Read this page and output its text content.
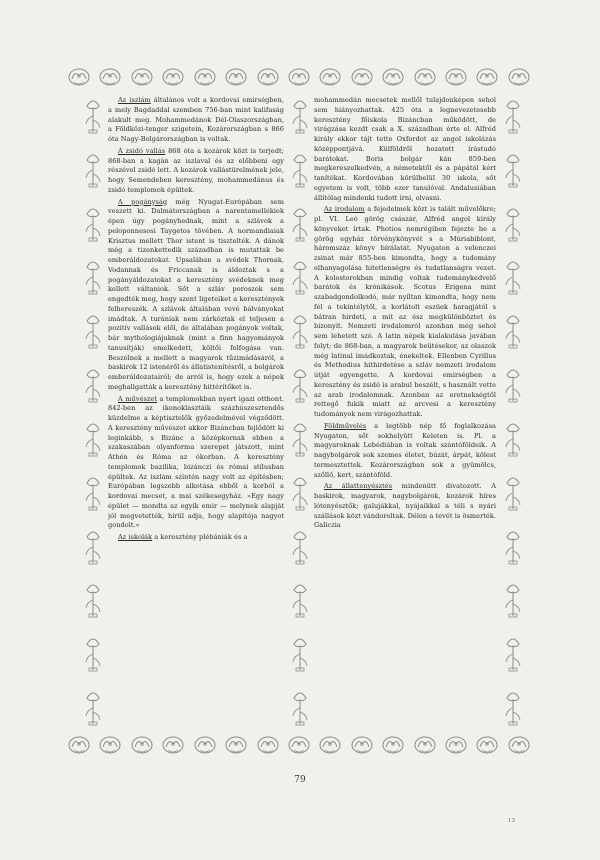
Az iszlám általános volt a kordovai emirségben, a mely Bagdaddal szemben 756-ban mint kalifaság alakult meg. Mohammedánok Dél-Olaszországban, a Földközi-tenger szigetein, Kozárországban s 866 óta Nagy-Bolgárországban is voltak.

A zsidó vallás 868 óta a kozárok közt is terjedt; 868-ban a kagán az iszlaval és az előbbeni egy részével zsidó lett. A kozárok vallástürelmének jele, hogy Semendeben keresztény, mohammedánus és zsidó templomok épültek.

A pogányság még Nyugat-Európában sem veszett ki. Dalmátországban a narentamellékiek épen úgy pogányhednak, mint a szlávok a peloponnesosi Taygetos tövében. A normandiaiak Krisztus mellett Thor istent is tisztelték. A dánok még a tizenkettedik században is mutattak be emberáldozatokat. Upsalában a svédek Thornak, Vodannak és Friccanak is áldoztak s a pogányáldozatokat a keresztény svédeknek meg kellett váltaniok. Sőt a szláv poroszok sem engedték meg, hogy szent ligeteiket a keresztények felhereszék. A szlávok általában vevé bálványokat imádtak. A turániak nem zárkóztak el teljesen a pozitív vallások elől, de általában pogányok voltak, bár mythologiájuknak (mint a finn hagyományok tanusítják) emelkedett, költői felfogása van. Beszélnek a mellett a magyarok tűzimádásáról, a baskirok 12 istenéről és állatistenítésről, a bolgárok emberáldozatairól; de arról is, hogy ezek a népek meghallgatták a keresztény hittérítőket is.

A művészet a templomokban nyert igazi otthont. 842-ben az ikonoklasztáik százhúszesztendős küzdelme a képtisztelők győzedelmével végződött. A keresztény művészet akkor Bizáncban fejlődött ki leginkább, s Bizánc a középkornak ebben a szakaszában olyanforma szerepet játszott, mint Athén és Róma az ókorban. A keresztény templomok bazilika, bizánczi és római stílusban épültek. Az iszlám szintén nagy volt az építésben; Európában legszebb alkotása ebből a korból a kordovai mecset, a mai székesegyház. »Egy nagy épület — mondta az egyik emir — melynek alapját jól megvetették, hírül adja, hogy alapítója nagyot gondolt.«

Az iskolák a keresztény plébániák és a

mohammedán mecsetek mellől tulajdonképen sehol sem hiányozhattak. 425 óta a legnevezetesebb keresztény főiskola Bizáncban működött, de virágzása kezdt csak a X. században érte el. Alfréd király ekkor tájt tette Oxfordot az angol iskolázás középpontjává. Külföldről hozatott írástudó barátokat. Boris bolgár kán 859-ben megkereszelkedvén, a németektől és a pápától kért tanítókat. Kordovában körülbelül 30 iskola, sőt egyetem is volt, több ezer tanulóval. Andalusiában állítólag mindenki tudott írni, olvasni.

Az irodalom a fejedelmek közt is talált művelőkre; pl. VI. Leó görög császár, Alfréd angol király könyveket írtak. Photios nemrégiben fejezte be a görög egyház törvénykönyvét s a Múriabiblont, háromszáz könyv bírálatát. Nyugaton a velenczei zsinat már 855-ben kimondta, hogy a tudomány elhanyagolása hitetlenségre és tudatlanságra vezet. A kolostorokban mindig voltak tudománykedvelő barátok és krónikások. Scotus Erigena mint szabadgondolkodó, már nyíltan kimondta, hogy nem fél a tekintélytől, a korlátolt eszüek haragjától s bátran hirdeti, a mit az ész megkülönböztet és bizonyít. Nemzeti irodalomról azonban még sehol sem lehetett szó. A latin népek kialakulása javában folyt; de 868-ban, a magyarok beütésekor, az olaszok még latinul imádkoztak, énekeltek. Ellenben Cyrillus és Methodius hithirdetése a szláv nemzeti irodalom útját egyengette. A kordovai emirségben a keresztény és zsidó is arabul beszélt, s használt vette az arab irodalomnak. Azonban az eretnekségtől rettegő fukik miatt az arcvesi a keresztény tudományok nem virágozhattak.

Földművelés a legtöbb nép fő foglalkozása Nyugaton, sőt sokhelyütt Keleten is. Pl. a magyaroknak Lebédiában is voltak szántóföldeik. A nagybolgárok sok szemes életet, búzát, árpát, kölest termesztettek. Kozárországban sok a gyümölcs, szőllő, kert, szántóföld.

Az állattenyésztés mindenütt divatozott. A baskirok, magyarok, nagybolgárok, kozárok híres lótenyésztők; galujákkal, nyájaikkal a téli s nyári szállások közt vándoroltak. Délen a tevét is ösmerték. Galiczia

79
13
